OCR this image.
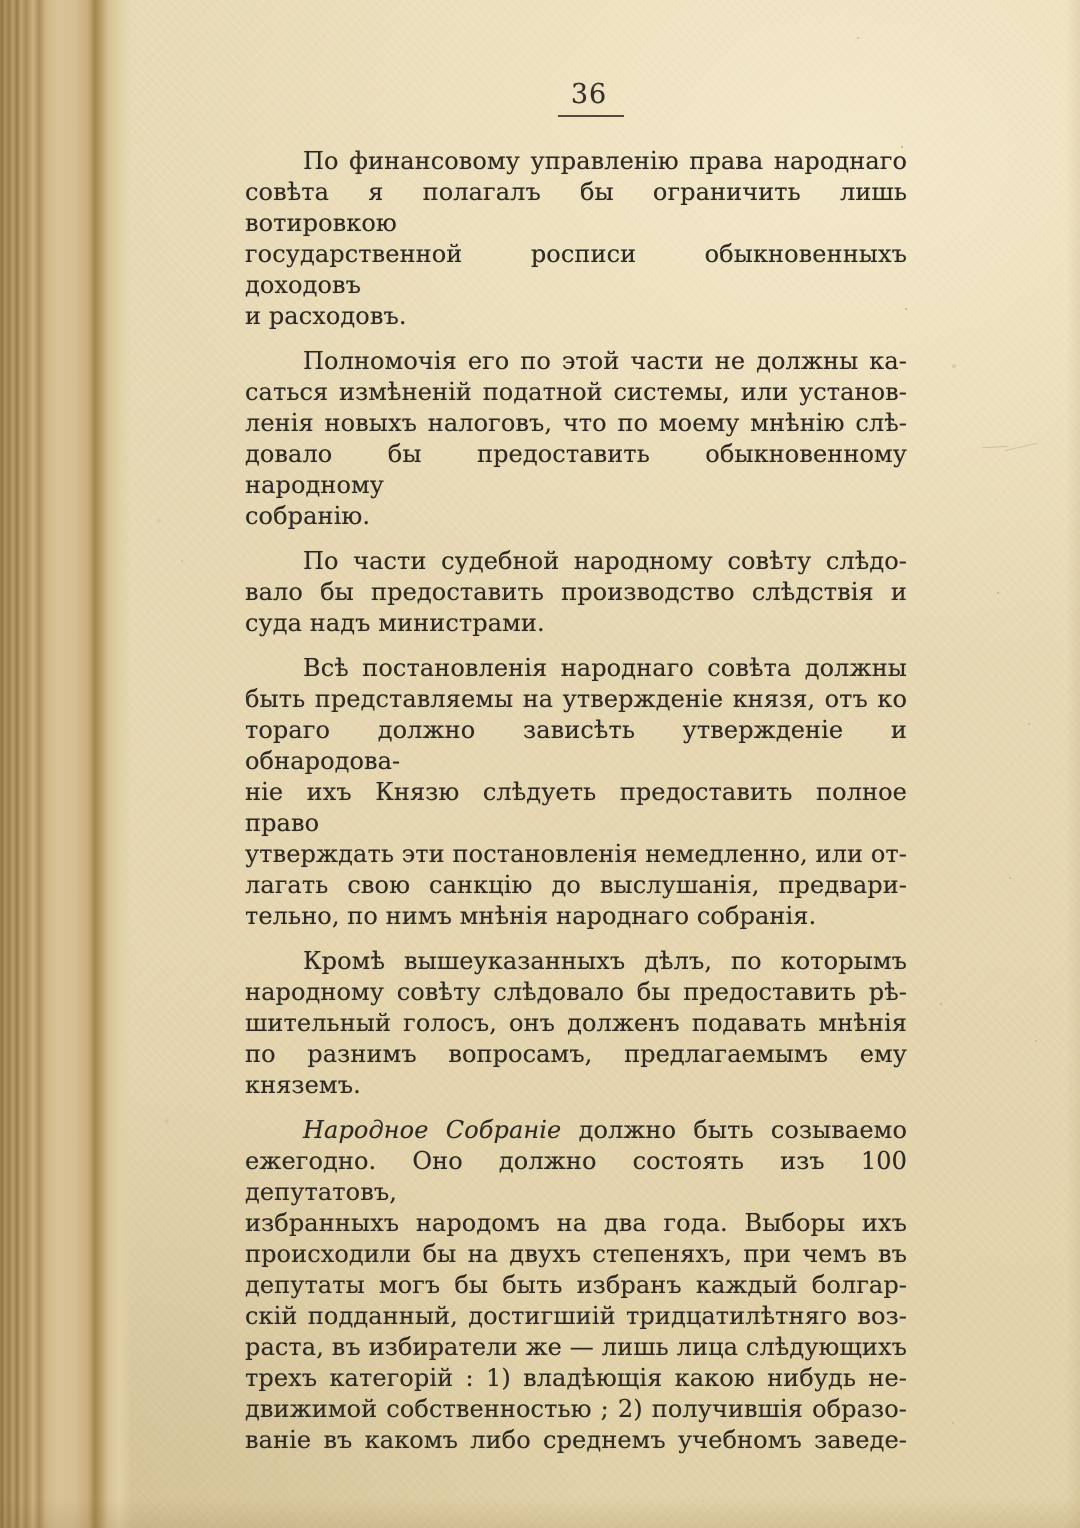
36
По финансовому управленію права народнаго
совѣта я полагалъ бы ограничить лишь вотировкою
государственной росписи обыкновенныхъ доходовъ
и расходовъ.
Полномочія его по этой части не должны ка-
саться измѣненій податной системы, или установ-
ленія новыхъ налоговъ, что по моему мнѣнію слѣ-
довало бы предоставить обыкновенному народному
собранію.
По части судебной народному совѣту слѣдо-
вало бы предоставить производство слѣдствія и
суда надъ министрами.
Всѣ постановленія народнаго совѣта должны
быть представляемы на утвержденіе князя, отъ ко
тораго должно зависѣть утвержденіе и обнародова-
ніе ихъ Князю слѣдуеть предоставить полное право
утверждать эти постановленія немедленно, или от-
лагать свою санкцію до выслушанія, предвари-
тельно, по нимъ мнѣнія народнаго собранія.
Кромѣ вышеуказанныхъ дѣлъ, по которымъ
народному совѣту слѣдовало бы предоставить рѣ-
шительный голосъ, онъ долженъ подавать мнѣнія
по разнимъ вопросамъ, предлагаемымъ ему княземъ.
Народное Собраніе должно быть созываемо
ежегодно. Оно должно состоять изъ 100 депутатовъ,
избранныхъ народомъ на два года. Выборы ихъ
происходили бы на двухъ степеняхъ, при чемъ въ
депутаты могъ бы быть избранъ каждый болгар-
скій подданный, достигшиій тридцатилѣтняго воз-
раста, въ избиратели же — лишь лица слѣдующихъ
трехъ категорій : 1) владѣющія какою нибудь не-
движимой собственностью ; 2) получившія образо-
ваніе въ какомъ либо среднемъ учебномъ заведе-
